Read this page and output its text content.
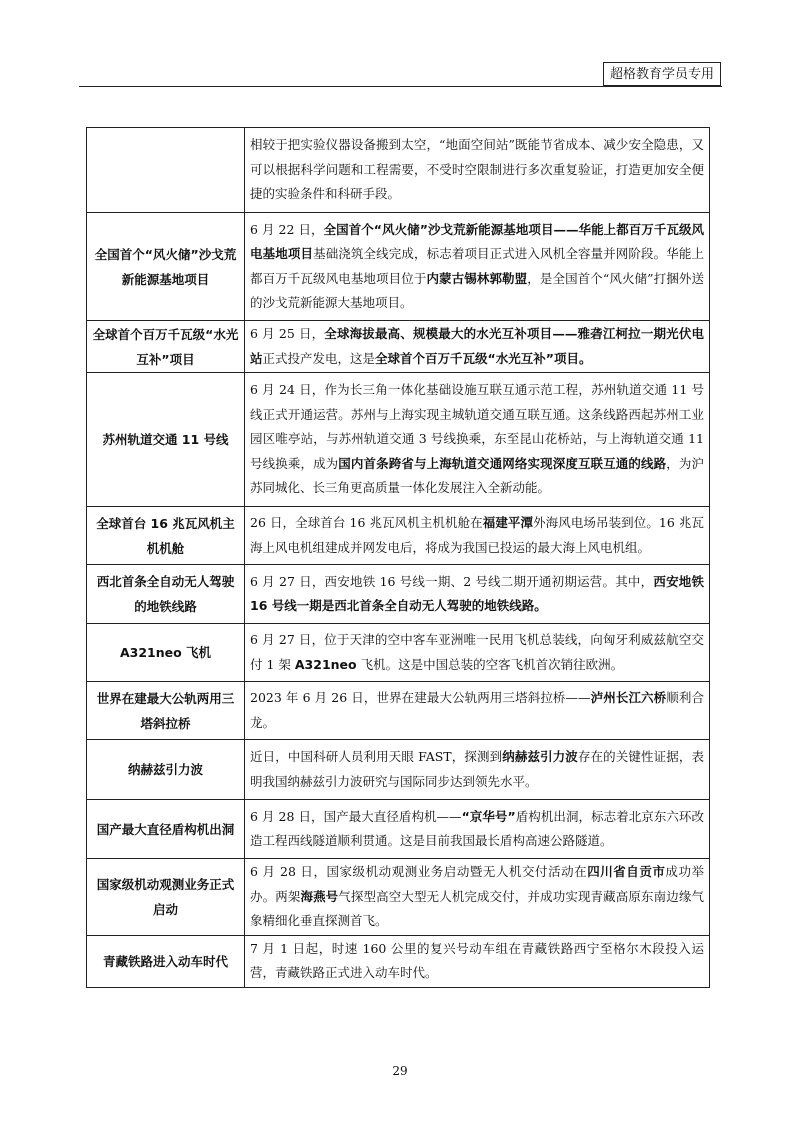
超格教育学员专用
	相较于把实验仪器设备搬到太空，“地面空间站”既能节省成本、减少安全隐患，又可以根据科学问题和工程需要，不受时空限制进行多次重复验证，打造更加安全便捷的实验条件和科研手段。
全国首个“风火储”沙戈荒新能源基地项目	6 月 22 日，全国首个“风火储”沙戈荒新能源基地项目——华能上都百万千瓦级风电基地项目基础浇筑全线完成，标志着项目正式进入风机全容量并网阶段。华能上都百万千瓦级风电基地项目位于内蒙古锡林郭勒盟，是全国首个“风火储”打捆外送的沙戈荒新能源大基地项目。
全球首个百万千瓦级“水光互补”项目	6 月 25 日，全球海拔最高、规模最大的水光互补项目——雅砻江柯拉一期光伏电站正式投产发电，这是全球首个百万千瓦级“水光互补”项目。
苏州轨道交通 11 号线	6 月 24 日，作为长三角一体化基础设施互联互通示范工程，苏州轨道交通 11 号线正式开通运营。苏州与上海实现主城轨道交通互联互通。这条线路西起苏州工业园区唯亭站，与苏州轨道交通 3 号线换乘，东至昆山花桥站，与上海轨道交通 11 号线换乘，成为国内首条跨省与上海轨道交通网络实现深度互联互通的线路，为沪苏同城化、长三角更高质量一体化发展注入全新动能。
全球首台 16 兆瓦风机主机机舱	26 日，全球首台 16 兆瓦风机主机机舱在福建平潭外海风电场吊装到位。16 兆瓦海上风电机组建成并网发电后，将成为我国已投运的最大海上风电机组。
西北首条全自动无人驾驶的地铁线路	6 月 27 日，西安地铁 16 号线一期、2 号线二期开通初期运营。其中，西安地铁 16 号线一期是西北首条全自动无人驾驶的地铁线路。
A321neo 飞机	6 月 27 日，位于天津的空中客车亚洲唯一民用飞机总装线，向匈牙利威兹航空交付 1 架 A321neo 飞机。这是中国总装的空客飞机首次销往欧洲。
世界在建最大公轨两用三塔斜拉桥	2023 年 6 月 26 日，世界在建最大公轨两用三塔斜拉桥——泸州长江六桥顺利合龙。
纳赫兹引力波	近日，中国科研人员利用天眼 FAST，探测到纳赫兹引力波存在的关键性证据，表明我国纳赫兹引力波研究与国际同步达到领先水平。
国产最大直径盾构机出洞	6 月 28 日，国产最大直径盾构机——“京华号”盾构机出洞，标志着北京东六环改造工程西线隧道顺利贯通。这是目前我国最长盾构高速公路隧道。
国家级机动观测业务正式启动	6 月 28 日，国家级机动观测业务启动暨无人机交付活动在四川省自贡市成功举办。两架海燕号气探型高空大型无人机完成交付，并成功实现青藏高原东南边缘气象精细化垂直探测首飞。
青藏铁路进入动车时代	7 月 1 日起，时速 160 公里的复兴号动车组在青藏铁路西宁至格尔木段投入运营，青藏铁路正式进入动车时代。
29
